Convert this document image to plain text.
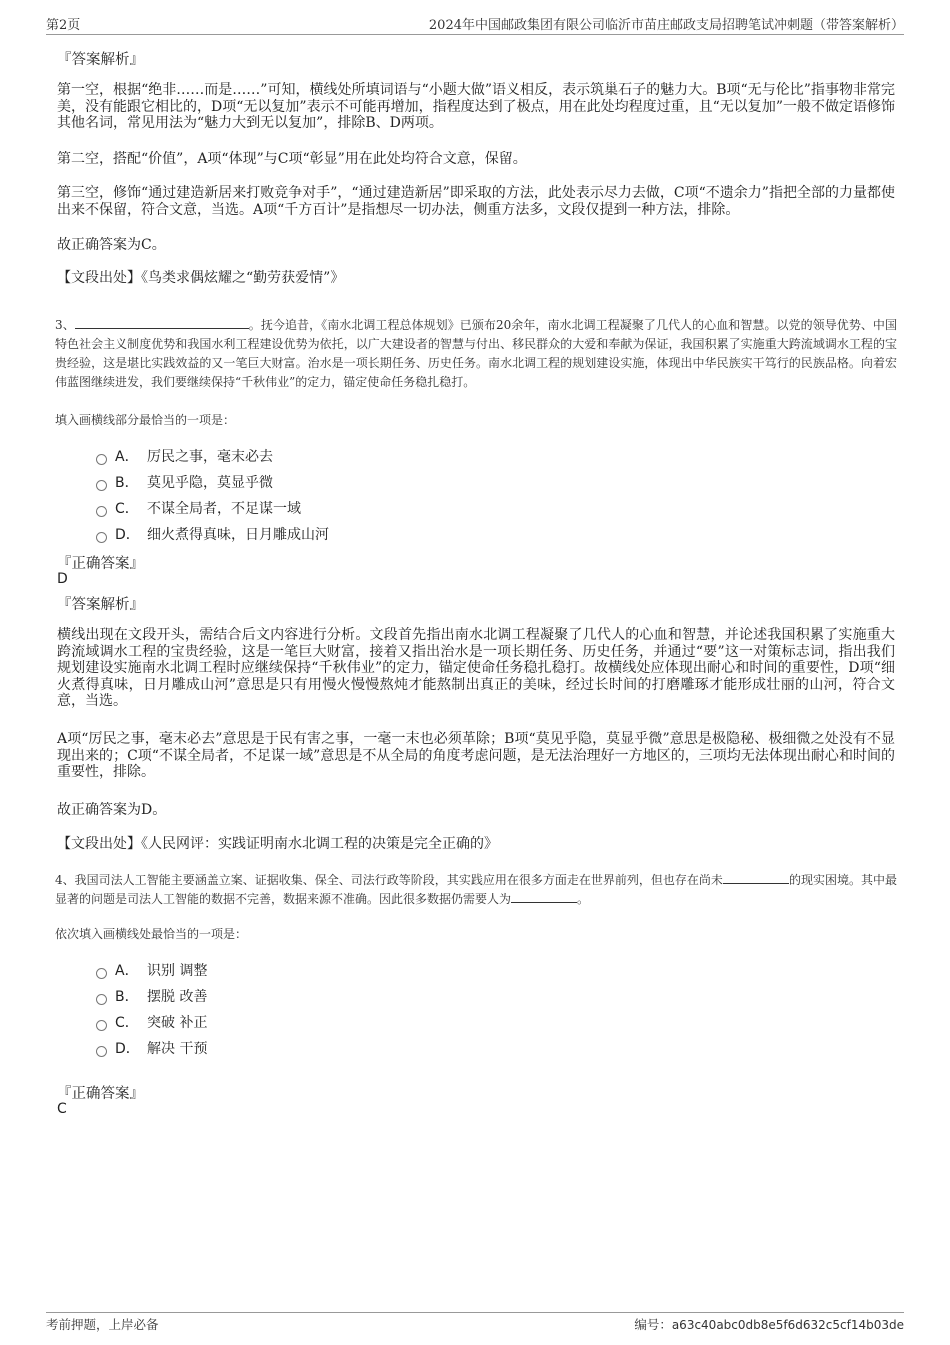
第2页	2024年中国邮政集团有限公司临沂市苗庄邮政支局招聘笔试冲刺题（带答案解析）
『答案解析』
第一空，根据“绝非……而是……”可知，横线处所填词语与“小题大做”语义相反，表示筑巢石子的魅力大。B项“无与伦比”指事物非常完美，没有能跟它相比的，D项“无以复加”表示不可能再增加，指程度达到了极点，用在此处均程度过重，且“无以复加”一般不做定语修饰其他名词，常见用法为“魅力大到无以复加”，排除B、D两项。
第二空，搭配“价值”，A项“体现”与C项“彰显”用在此处均符合文意，保留。
第三空，修饰“通过建造新居来打败竞争对手”，“通过建造新居”即采取的方法，此处表示尽力去做，C项“不遗余力”指把全部的力量都使出来不保留，符合文意，当选。A项“千方百计”是指想尽一切办法，侧重方法多，文段仅提到一种方法，排除。
故正确答案为C。
【文段出处】《鸟类求偶炫耀之“勤劳获爱情”》
3、	。抚今追昔，《南水北调工程总体规划》已颁布20余年，南水北调工程凝聚了几代人的心血和智慧。以党的领导优势、中国特色社会主义制度优势和我国水利工程建设优势为依托，以广大建设者的智慧与付出、移民群众的大爱和奉献为保证，我国积累了实施重大跨流域调水工程的宝贵经验，这是堪比实践效益的又一笔巨大财富。治水是一项长期任务、历史任务。南水北调工程的规划建设实施，体现出中华民族实干笃行的民族品格。向着宏伟蓝图继续进发，我们要继续保持“千秋伟业”的定力，锚定使命任务稳扎稳打。
填入画横线部分最恰当的一项是：
A． 厉民之事，毫末必去
B． 莫见乎隐，莫显乎微
C． 不谋全局者，不足谋一域
D． 细火煮得真味，日月雕成山河
『正确答案』
D
『答案解析』
横线出现在文段开头，需结合后文内容进行分析。文段首先指出南水北调工程凝聚了几代人的心血和智慧，并论述我国积累了实施重大跨流域调水工程的宝贵经验，这是一笔巨大财富，接着又指出治水是一项长期任务、历史任务，并通过“要”这一对策标志词，指出我们规划建设实施南水北调工程时应继续保持“千秋伟业”的定力，锚定使命任务稳扎稳打。故横线处应体现出耐心和时间的重要性，D项“细火煮得真味，日月雕成山河”意思是只有用慢火慢慢熬炖才能熬制出真正的美味，经过长时间的打磨雕琢才能形成壮丽的山河，符合文意，当选。
A项“厉民之事，毫末必去”意思是于民有害之事，一毫一末也必须革除；B项“莫见乎隐，莫显乎微”意思是极隐秘、极细微之处没有不显现出来的；C项“不谋全局者，不足谋一域”意思是不从全局的角度考虑问题，是无法治理好一方地区的，三项均无法体现出耐心和时间的重要性，排除。
故正确答案为D。
【文段出处】《人民网评：实践证明南水北调工程的决策是完全正确的》
4、我国司法人工智能主要涵盖立案、证据收集、保全、司法行政等阶段，其实践应用在很多方面走在世界前列，但也存在尚未	的现实困境。其中最显著的问题是司法人工智能的数据不完善，数据来源不准确。因此很多数据仍需要人为	。
依次填入画横线处最恰当的一项是：
A． 识别 调整
B． 摆脱 改善
C． 突破 补正
D． 解决 干预
『正确答案』
C
考前押题，上岸必备	编号：a63c40abc0db8e5f6d632c5cf14b03de
